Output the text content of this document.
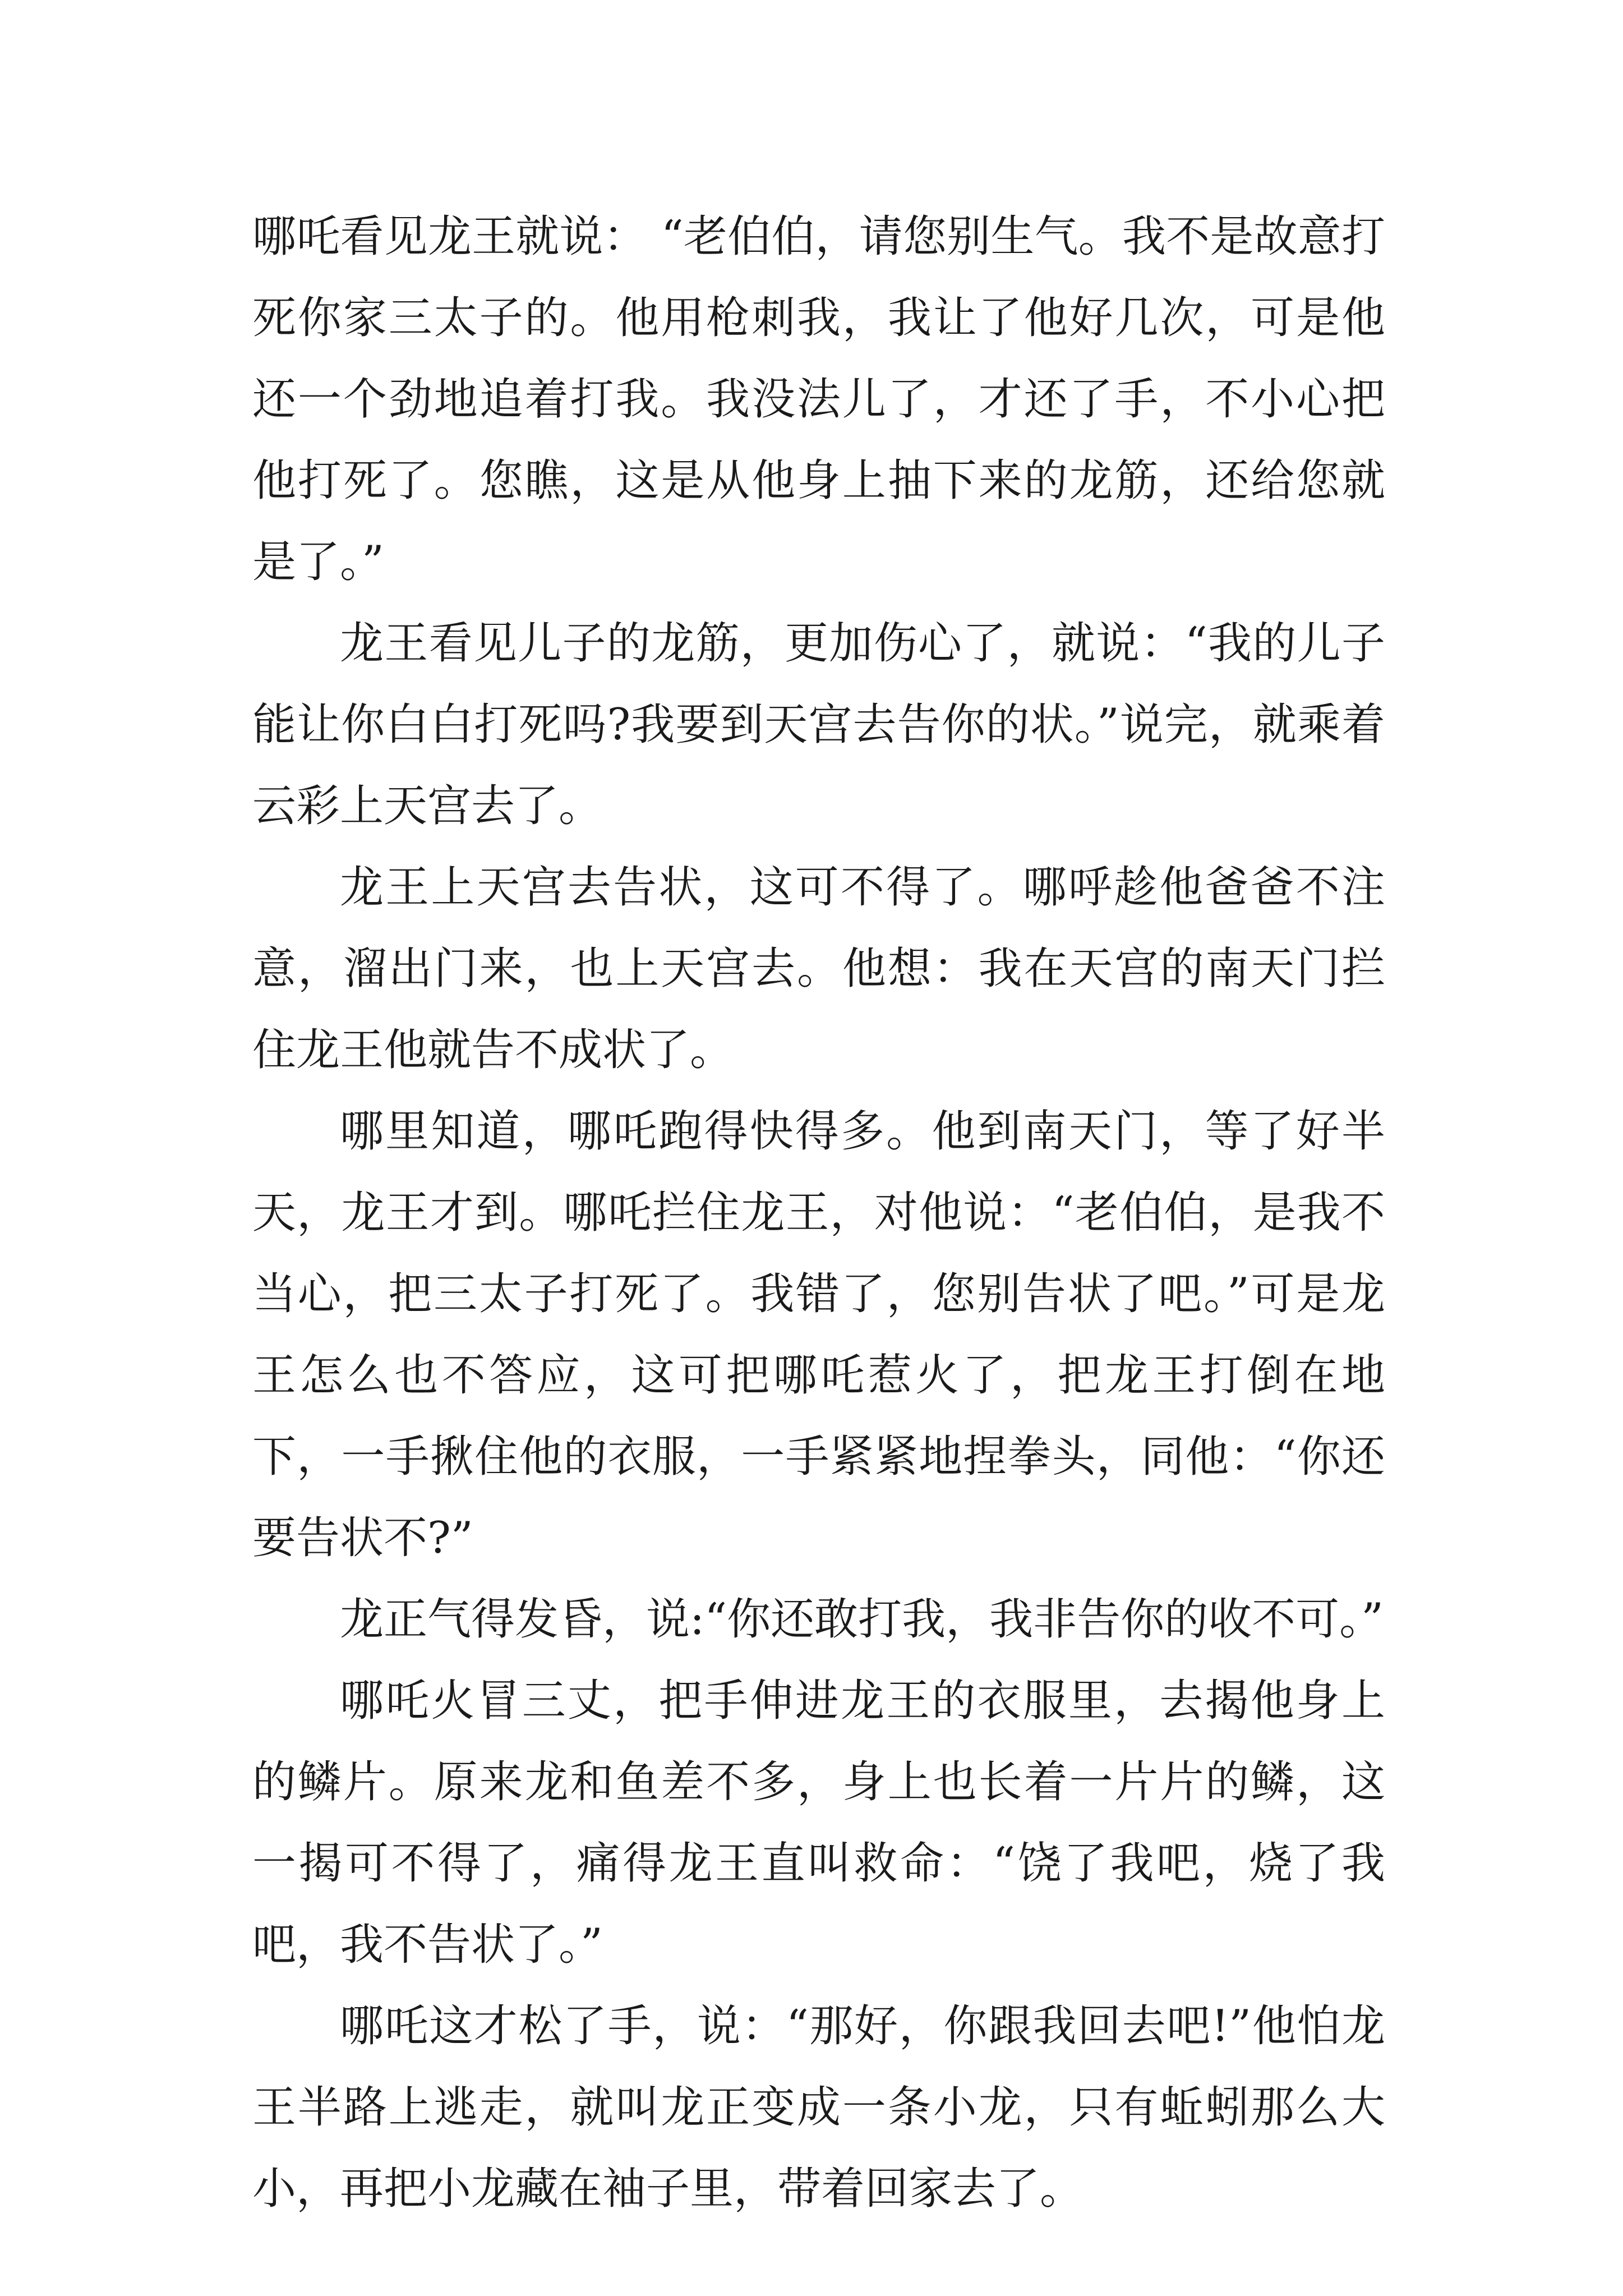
哪吒看见龙王就说： “老伯伯，请您别生气。我不是故意打死你家三太子的。他用枪刺我，我让了他好几次，可是他还一个劲地追着打我。我没法儿了，才还了手，不小心把他打死了。您瞧，这是从他身上抽下来的龙筋，还给您就是了。”

龙王看见儿子的龙筋，更加伤心了，就说：“我的儿子能让你白白打死吗?我要到天宫去告你的状。”说完，就乘着云彩上天宫去了。

龙王上天宫去告状，这可不得了。哪呼趁他爸爸不注意，溜出门来，也上天宫去。他想：我在天宫的南天门拦住龙王他就告不成状了。

哪里知道，哪吒跑得快得多。他到南天门，等了好半天，龙王才到。哪吒拦住龙王，对他说：“老伯伯，是我不当心，把三太子打死了。我错了，您别告状了吧。”可是龙王怎么也不答应，这可把哪吒惹火了，把龙王打倒在地下，一手揪住他的衣服，一手紧紧地捏拳头，同他：“你还要告状不?”

龙正气得发昏，说:“你还敢打我，我非告你的收不可。”

哪吒火冒三丈，把手伸进龙王的衣服里，去揭他身上的鳞片。原来龙和鱼差不多，身上也长着一片片的鳞，这一揭可不得了，痛得龙王直叫救命：“饶了我吧，烧了我吧，我不告状了。”

哪吒这才松了手，说：“那好，你跟我回去吧!”他怕龙王半路上逃走，就叫龙正变成一条小龙，只有蚯蚓那么大小，再把小龙藏在袖子里，带着回家去了。
